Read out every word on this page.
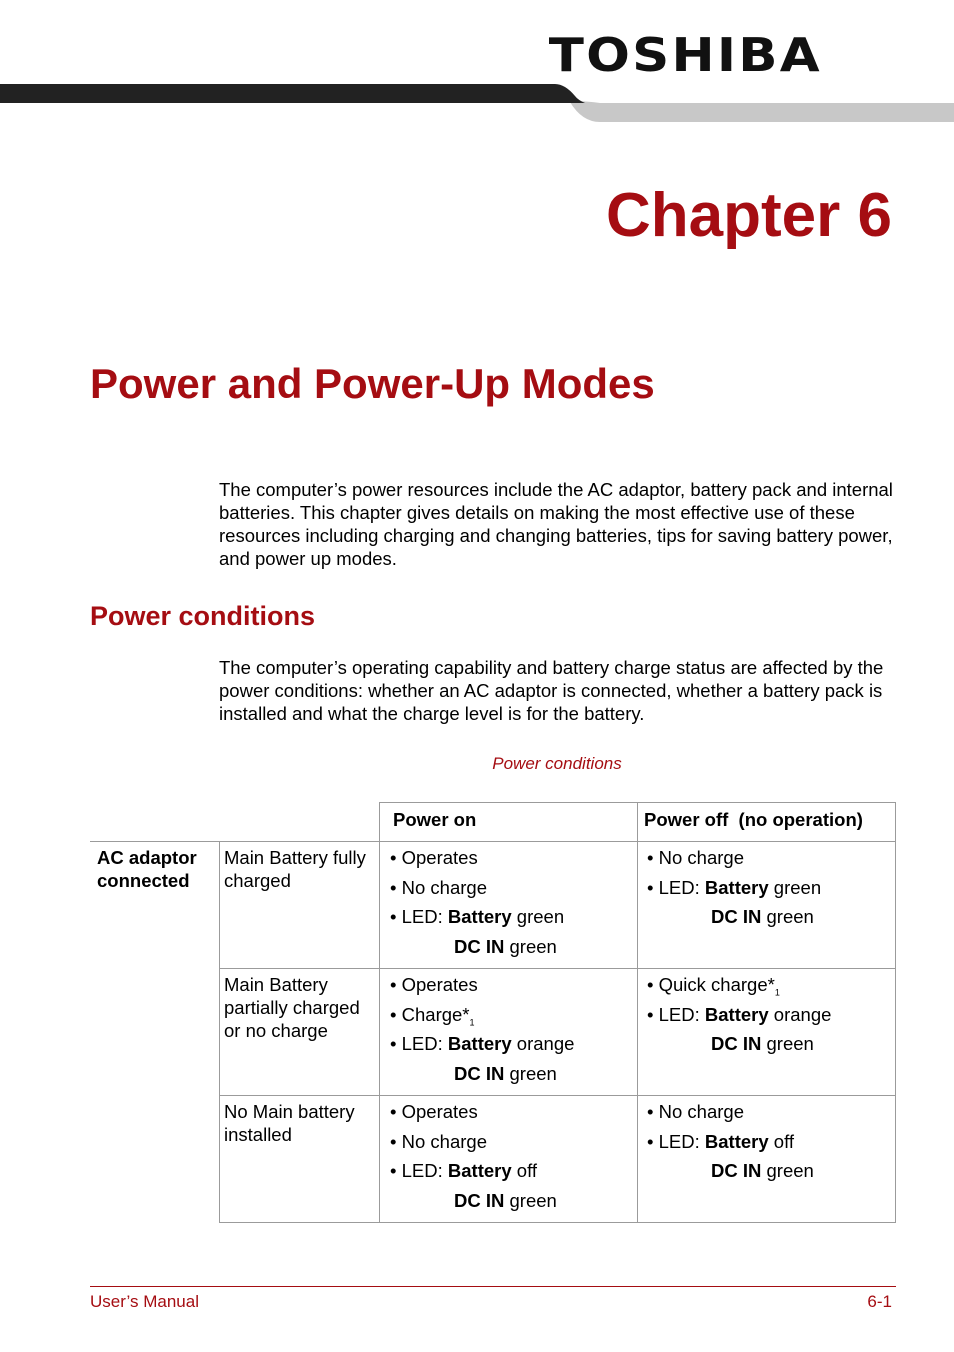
TOSHIBA
Chapter 6
Power and Power-Up Modes

The computer’s power resources include the AC adaptor, battery pack and internal batteries. This chapter gives details on making the most effective use of these resources including charging and changing batteries, tips for saving battery power, and power up modes.

Power conditions

The computer’s operating capability and battery charge status are affected by the power conditions: whether an AC adaptor is connected, whether a battery pack is installed and what the charge level is for the battery.

Power conditions
Power on	Power off  (no operation)
AC adaptor connected
Main Battery fully charged
• Operates
• No charge
• LED: Battery green
DC IN green
• No charge
• LED: Battery green
DC IN green
Main Battery partially charged or no charge
• Operates
• $Charge*_1$
• LED: Battery orange
DC IN green
• Quick $charge*_1$
• LED: Battery orange
DC IN green
No Main battery installed
• Operates
• No charge
• LED: Battery off
DC IN green
• No charge
• LED: Battery off
DC IN green
User’s Manual	6-1
